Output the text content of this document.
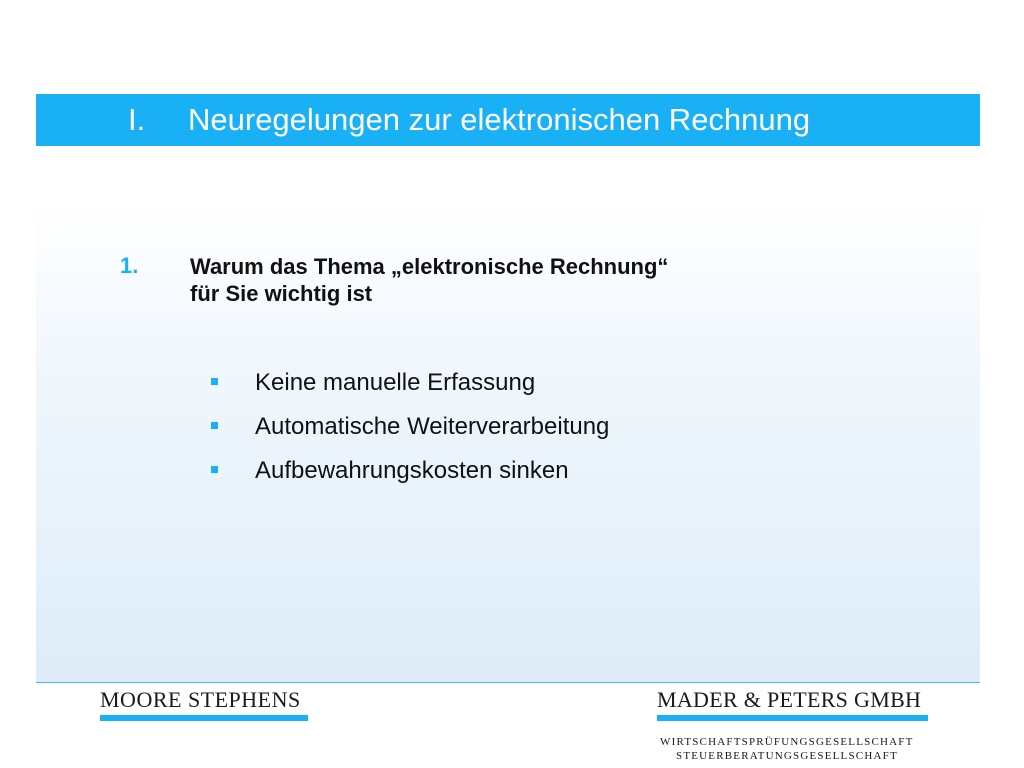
I. Neuregelungen zur elektronischen Rechnung
1. Warum das Thema „elektronische Rechnung“
für Sie wichtig ist
Keine manuelle Erfassung
Automatische Weiterverarbeitung
Aufbewahrungskosten sinken
MOORE STEPHENS	MADER & PETERS GMBH
WIRTSCHAFTSPRÜFUNGSGESELLSCHAFT
STEUERBERATUNGSGESELLSCHAFT
